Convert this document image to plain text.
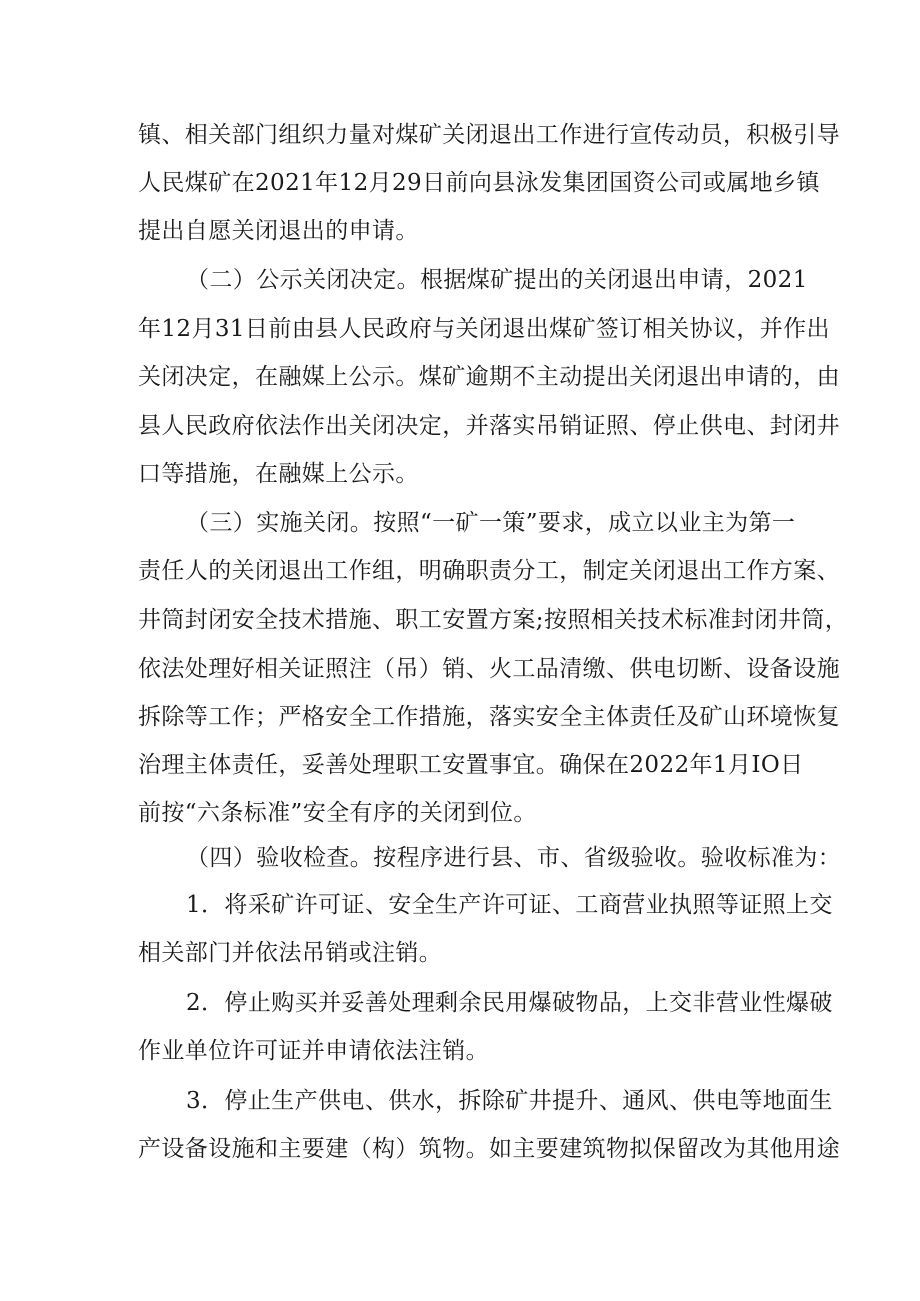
镇、相关部门组织力量对煤矿关闭退出工作进行宣传动员，积极引导
人民煤矿在2021年12月29日前向县泳发集团国资公司或属地乡镇
提出自愿关闭退出的申请。
（二）公示关闭决定。根据煤矿提出的关闭退出申请，2021
年12月31日前由县人民政府与关闭退出煤矿签订相关协议，并作出
关闭决定，在融媒上公示。煤矿逾期不主动提出关闭退出申请的，由
县人民政府依法作出关闭决定，并落实吊销证照、停止供电、封闭井
口等措施，在融媒上公示。
（三）实施关闭。按照“一矿一策”要求，成立以业主为第一
责任人的关闭退出工作组，明确职责分工，制定关闭退出工作方案、
井筒封闭安全技术措施、职工安置方案;按照相关技术标准封闭井筒，
依法处理好相关证照注（吊）销、火工品清缴、供电切断、设备设施
拆除等工作；严格安全工作措施，落实安全主体责任及矿山环境恢复
治理主体责任，妥善处理职工安置事宜。确保在2022年1月IO日
前按“六条标准”安全有序的关闭到位。
（四）验收检查。按程序进行县、市、省级验收。验收标准为：
1．将采矿许可证、安全生产许可证、工商营业执照等证照上交
相关部门并依法吊销或注销。
2．停止购买并妥善处理剩余民用爆破物品，上交非营业性爆破
作业单位许可证并申请依法注销。
3．停止生产供电、供水，拆除矿井提升、通风、供电等地面生
产设备设施和主要建（构）筑物。如主要建筑物拟保留改为其他用途
